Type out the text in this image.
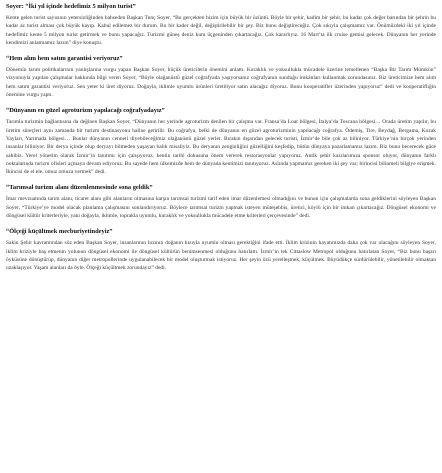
Soyer: “İki yıl içinde hedefimiz 5 milyon turist”

Kente gelen turist sayısının yetersizliğinden bahseden Başkan Tunç Soyer, “Bu gerçekten bizim için büyük bir üzüntü. Böyle bir şehir, kadim bir şehir, bu kadar çok değer barından bir şehrin bu kadar az turist alması çok büyük kayıp. Kabul edilemez bir durum. Bu bir kader değil, değiştirilebilir bir şey. Biz bunu değiştireceğiz. Çok sıkıyla çalışmamız var. Önümüzdeki iki yıl içinde hedefimiz kente 5 milyon turist getirmek ve bunu yapacağız. Turizmi güneş deniz kum üçgeninden çıkartacağız. Çok kararlıyız. 16 Mart’ta ilk cruise gemisi gelecek. Dünyanın her yerinde kendimizi anlatmamız lazım” diye konuştu.

“Hem alım hem satım garantisi veriyoruz”

Dönemin tarım politikalarının yanlışlarına vurgu yapan Başkan Soyer, küçük üreticilerin önemini anlattı. Kuraklık ve yoksullukla mücadele üzerine temellenen “Başka Bir Tarım Mümkün” vizyonuyla yapılan çalışmalar hakkında bilgi veren Soyer, “Böyle olağanüstü güzel coğrafyada yaşıyorsanız coğrafyanın sunduğu imkânları kullanmak zorundasınız. Biz üreticimize hem alım hem satım garantisi veriyoruz. Sen yeter ki üret diyoruz. Doğayla, iklimle uyumlu ürünleri üretiliyor satın alacağız diyoruz. Bunu kooperatifler üzerinden yapıyoruz” dedi ve kooperatifliğin önemine vurgu yaptı.

“Dünyanın en güzel agroturizm yapılacağı coğrafyadayız”

Tarımla turizmin bağlantısına da değinen Başkan Soyer, “Dünyanın her yerinde agroturizm denilen bir çalışma var. Fransa’da Loar bölgesi, İtalya’da Toscana bölgesi… Orada üretim yapılır, bu üretim süreçleri aynı zamanda bir turizm destinasyonu haline getirilir. Bu coğrafya, belki de dünyanın en güzel agroturizminin yapılacağı coğrafya. Ödemiş, Tire, Beydağ, Bergama, Kozak Yayları, Yarımada bölgesi… Bunlar dünyanın cenneti diyebileceğimiz olağanüstü güzel yerler. Bırakın dışarıdan gelecek turisti, İzmir’de bile çok az biliniyor. Türkiye’nin birçok yerinden insanlar biliniyor. Bir derya içinde olup deryayı bilmeden yaşayan balık misaliyiz. Bu deryanın zenginliğini güzelliğini keşfedip, bütün dünyaya pazarlamamız lazım. Biz bunu becerecek güce sahibiz. Yerel yönetim olarak İzmir’in tanıtımı için çalışıyoruz, kentin tarihi dokusuna önem vererek restorasyonlar yapıyoruz. Antik şehir kazılarımıza sponsor oluyor, dünyanın farklı noktalarında turizm ofisleri açmaya devam ediyoruz. Bu sayede hem ülkemizde hem de dünyada kentimizi tanıtıyoruz. Aslında yapmamız gereken iki şey var; birincisi bilinmeli bilgiye erişmek. İkincisi de el ele, omuz omuza vermek” dedi.

“Tarımsal turizm alanı düzenlenmesinde sona geldik”

İmar mevzuatında tarım alanı, ticaret alanı gibi alanların olmasına karşın tarımsal turizmi tarif eden imar düzenlemesi olmadığını ve bunun için çalışmalarda sona geldiklerini söyleyen Başkan Soyer, “Türkiye’ye model olacak planlama çalışmasını sonlandırıyoruz. Böylece tarımsal turizm yapmak isteyen müteşebbis, üretici, köylü için bir imkan çıkartacağız. Döngüsel ekonomi ve döngüsel kültür kriterleriyle, yani doğayla, iklimle, toprakla uyumlu, kuraklık ve yoksullukla mücadele etme kriterleri çerçevesinde” dedi.

“Ölçeği küçültmek mecburiyetindeyiz”

Sakin Şehir kavramından söz eden Başkan Soyer, insanlarının hızının doğanın hızıyla uyumlu olması gerektiğini ifade etti. İklim krizinin hayatımızda daha çok var olacağını söyleyen Soyer, iklim kriziyle baş etmenin yolunun döngüsel ekonomi ile döngüsel kültürün benimsenmesi olduğunu hatırlattı. İzmir’in tek Cittaslow Metropol olduğunu hatırlatan Soyer, “Biz bunu başarı öyküsüne dönüştürüp, dünyanın diğer metropollerinde uygulanabilecek bir model oluşturmak istiyoruz. Her şeyin özü yerelleşmek, küçülmek. Büyüdükçe sürdürülebilir, yönetilebilir olmaktan uzaklaşıyor. Yaşam alanları da öyle. Ölçeği küçültmek zorundayız” dedi.
